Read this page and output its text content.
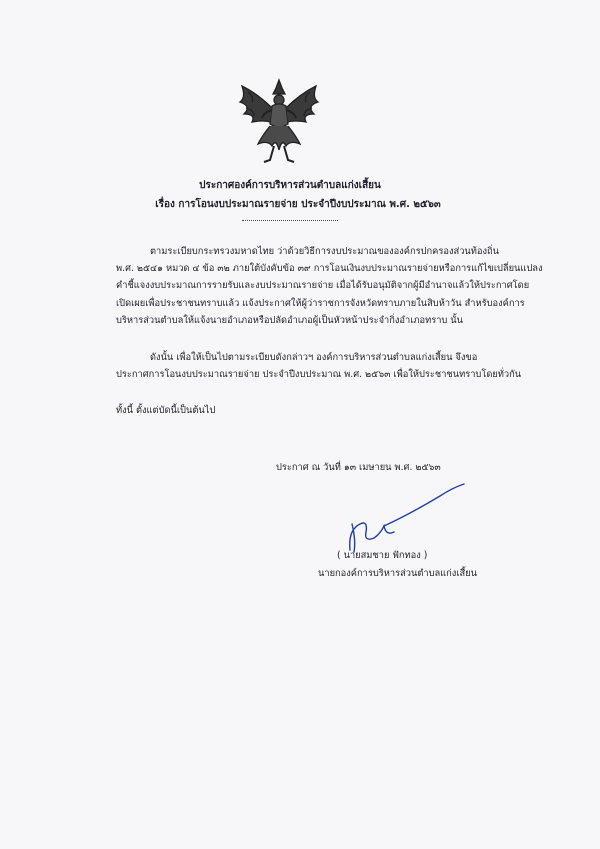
ประกาศองค์การบริหารส่วนตำบลแก่งเสี้ยน
เรื่อง การโอนงบประมาณรายจ่าย ประจำปีงบประมาณ พ.ศ. ๒๕๖๓
ตามระเบียบกระทรวงมหาดไทย ว่าด้วยวิธีการงบประมาณขององค์กรปกครองส่วนท้องถิ่น
พ.ศ. ๒๕๔๑ หมวด ๔ ข้อ ๓๒ ภายใต้บังคับข้อ ๓๙ การโอนเงินงบประมาณรายจ่ายหรือการแก้ไขเปลี่ยนแปลง
คำชี้แจงงบประมาณการรายรับและงบประมาณรายจ่าย เมื่อได้รับอนุมัติจากผู้มีอำนาจแล้วให้ประกาศโดย
เปิดเผยเพื่อประชาชนทราบแล้ว แจ้งประกาศให้ผู้ว่าราชการจังหวัดทราบภายในสิบห้าวัน สำหรับองค์การ
บริหารส่วนตำบลให้แจ้งนายอำเภอหรือปลัดอำเภอผู้เป็นหัวหน้าประจำกิ่งอำเภอทราบ นั้น
ดังนั้น เพื่อให้เป็นไปตามระเบียบดังกล่าวฯ องค์การบริหารส่วนตำบลแก่งเสี้ยน จึงขอ
ประกาศการโอนงบประมาณรายจ่าย ประจำปีงบประมาณ พ.ศ. ๒๕๖๓ เพื่อให้ประชาชนทราบโดยทั่วกัน
ทั้งนี้ ตั้งแต่บัดนี้เป็นต้นไป
ประกาศ ณ วันที่ ๑๓ เมษายน พ.ศ. ๒๕๖๓
( นายสมชาย ฟักทอง )
นายกองค์การบริหารส่วนตำบลแก่งเสี้ยน
